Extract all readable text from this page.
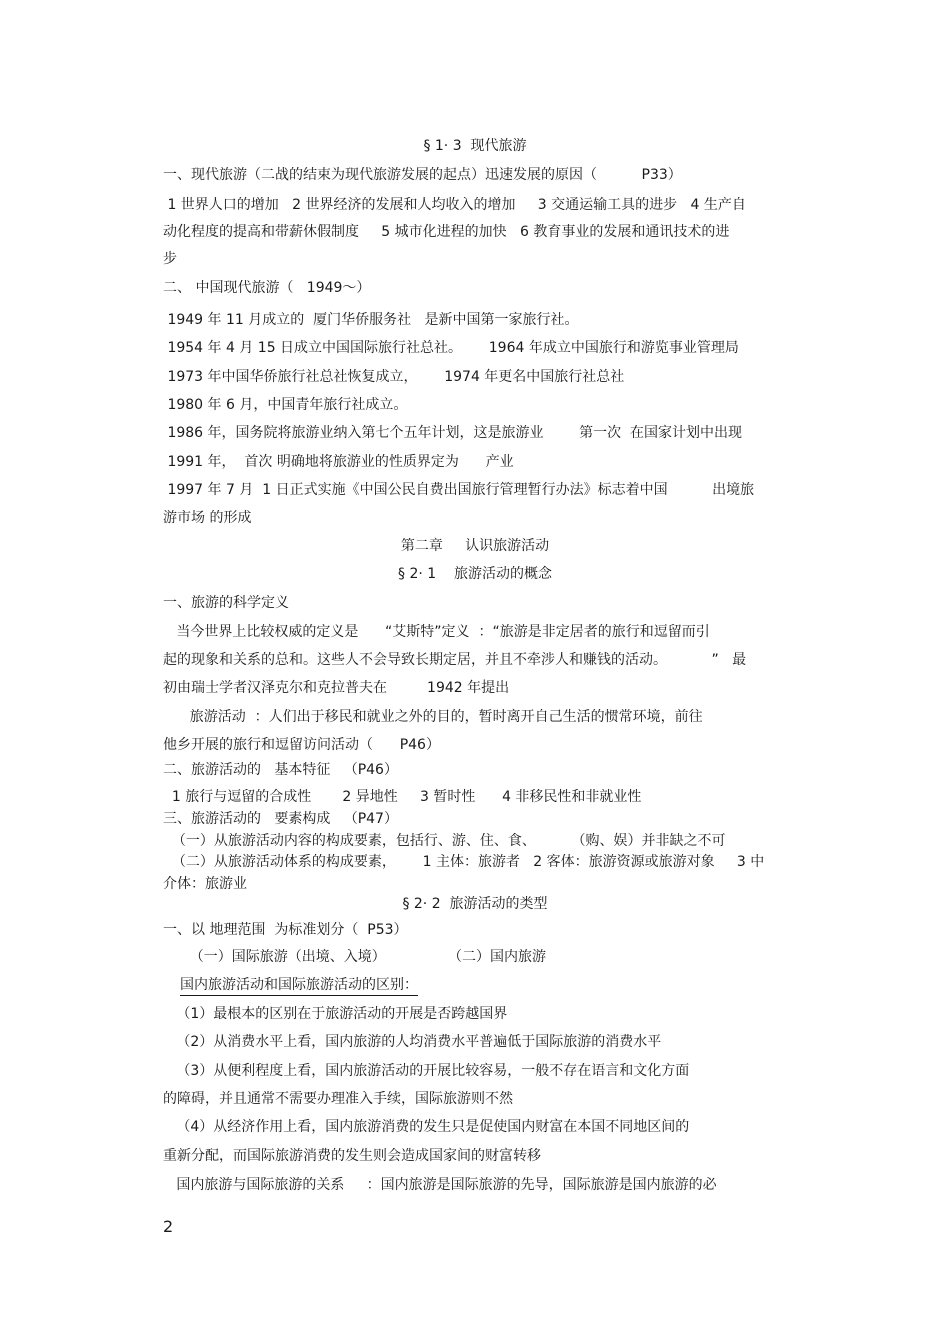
§ 1· 3  现代旅游
一、现代旅游（二战的结束为现代旅游发展的起点）迅速发展的原因（          P33）
1 世界人口的增加   2 世界经济的发展和人均收入的增加     3 交通运输工具的进步   4 生产自
动化程度的提高和带薪休假制度     5 城市化进程的加快   6 教育事业的发展和通讯技术的进
步
二、 中国现代旅游（   1949～）
1949 年 11 月成立的  厦门华侨服务社   是新中国第一家旅行社。
1954 年 4 月 15 日成立中国国际旅行社总社。      1964 年成立中国旅行和游览事业管理局
1973 年中国华侨旅行社总社恢复成立，      1974 年更名中国旅行社总社
1980 年 6 月，中国青年旅行社成立。
1986 年，国务院将旅游业纳入第七个五年计划，这是旅游业        第一次  在国家计划中出现
1991 年，  首次 明确地将旅游业的性质界定为      产业
1997 年 7 月  1 日正式实施《中国公民自费出国旅行管理暂行办法》标志着中国          出境旅
游市场 的形成
第二章     认识旅游活动
§ 2· 1    旅游活动的概念
一、旅游的科学定义
当今世界上比较权威的定义是      “艾斯特”定义  ：“旅游是非定居者的旅行和逗留而引
起的现象和关系的总和。这些人不会导致长期定居，并且不牵涉人和赚钱的活动。          ”   最
初由瑞士学者汉泽克尔和克拉普夫在         1942 年提出
旅游活动  ：人们出于移民和就业之外的目的，暂时离开自己生活的惯常环境，前往
他乡开展的旅行和逗留访问活动（      P46）
二、旅游活动的   基本特征   （P46）
1 旅行与逗留的合成性       2 异地性     3 暂时性      4 非移民性和非就业性
三、旅游活动的   要素构成   （P47）
（一）从旅游活动内容的构成要素，包括行、游、住、食、        （购、娱）并非缺之不可
（二）从旅游活动体系的构成要素，      1 主体：旅游者   2 客体：旅游资源或旅游对象     3 中
介体：旅游业
§ 2· 2  旅游活动的类型
一、以 地理范围  为标准划分（  P53）
（一）国际旅游（出境、入境）              （二）国内旅游
国内旅游活动和国际旅游活动的区别：
（1）最根本的区别在于旅游活动的开展是否跨越国界
（2）从消费水平上看，国内旅游的人均消费水平普遍低于国际旅游的消费水平
（3）从便利程度上看，国内旅游活动的开展比较容易，一般不存在语言和文化方面
的障碍，并且通常不需要办理准入手续，国际旅游则不然
（4）从经济作用上看，国内旅游消费的发生只是促使国内财富在本国不同地区间的
重新分配，而国际旅游消费的发生则会造成国家间的财富转移
国内旅游与国际旅游的关系     ：国内旅游是国际旅游的先导，国际旅游是国内旅游的必
2
